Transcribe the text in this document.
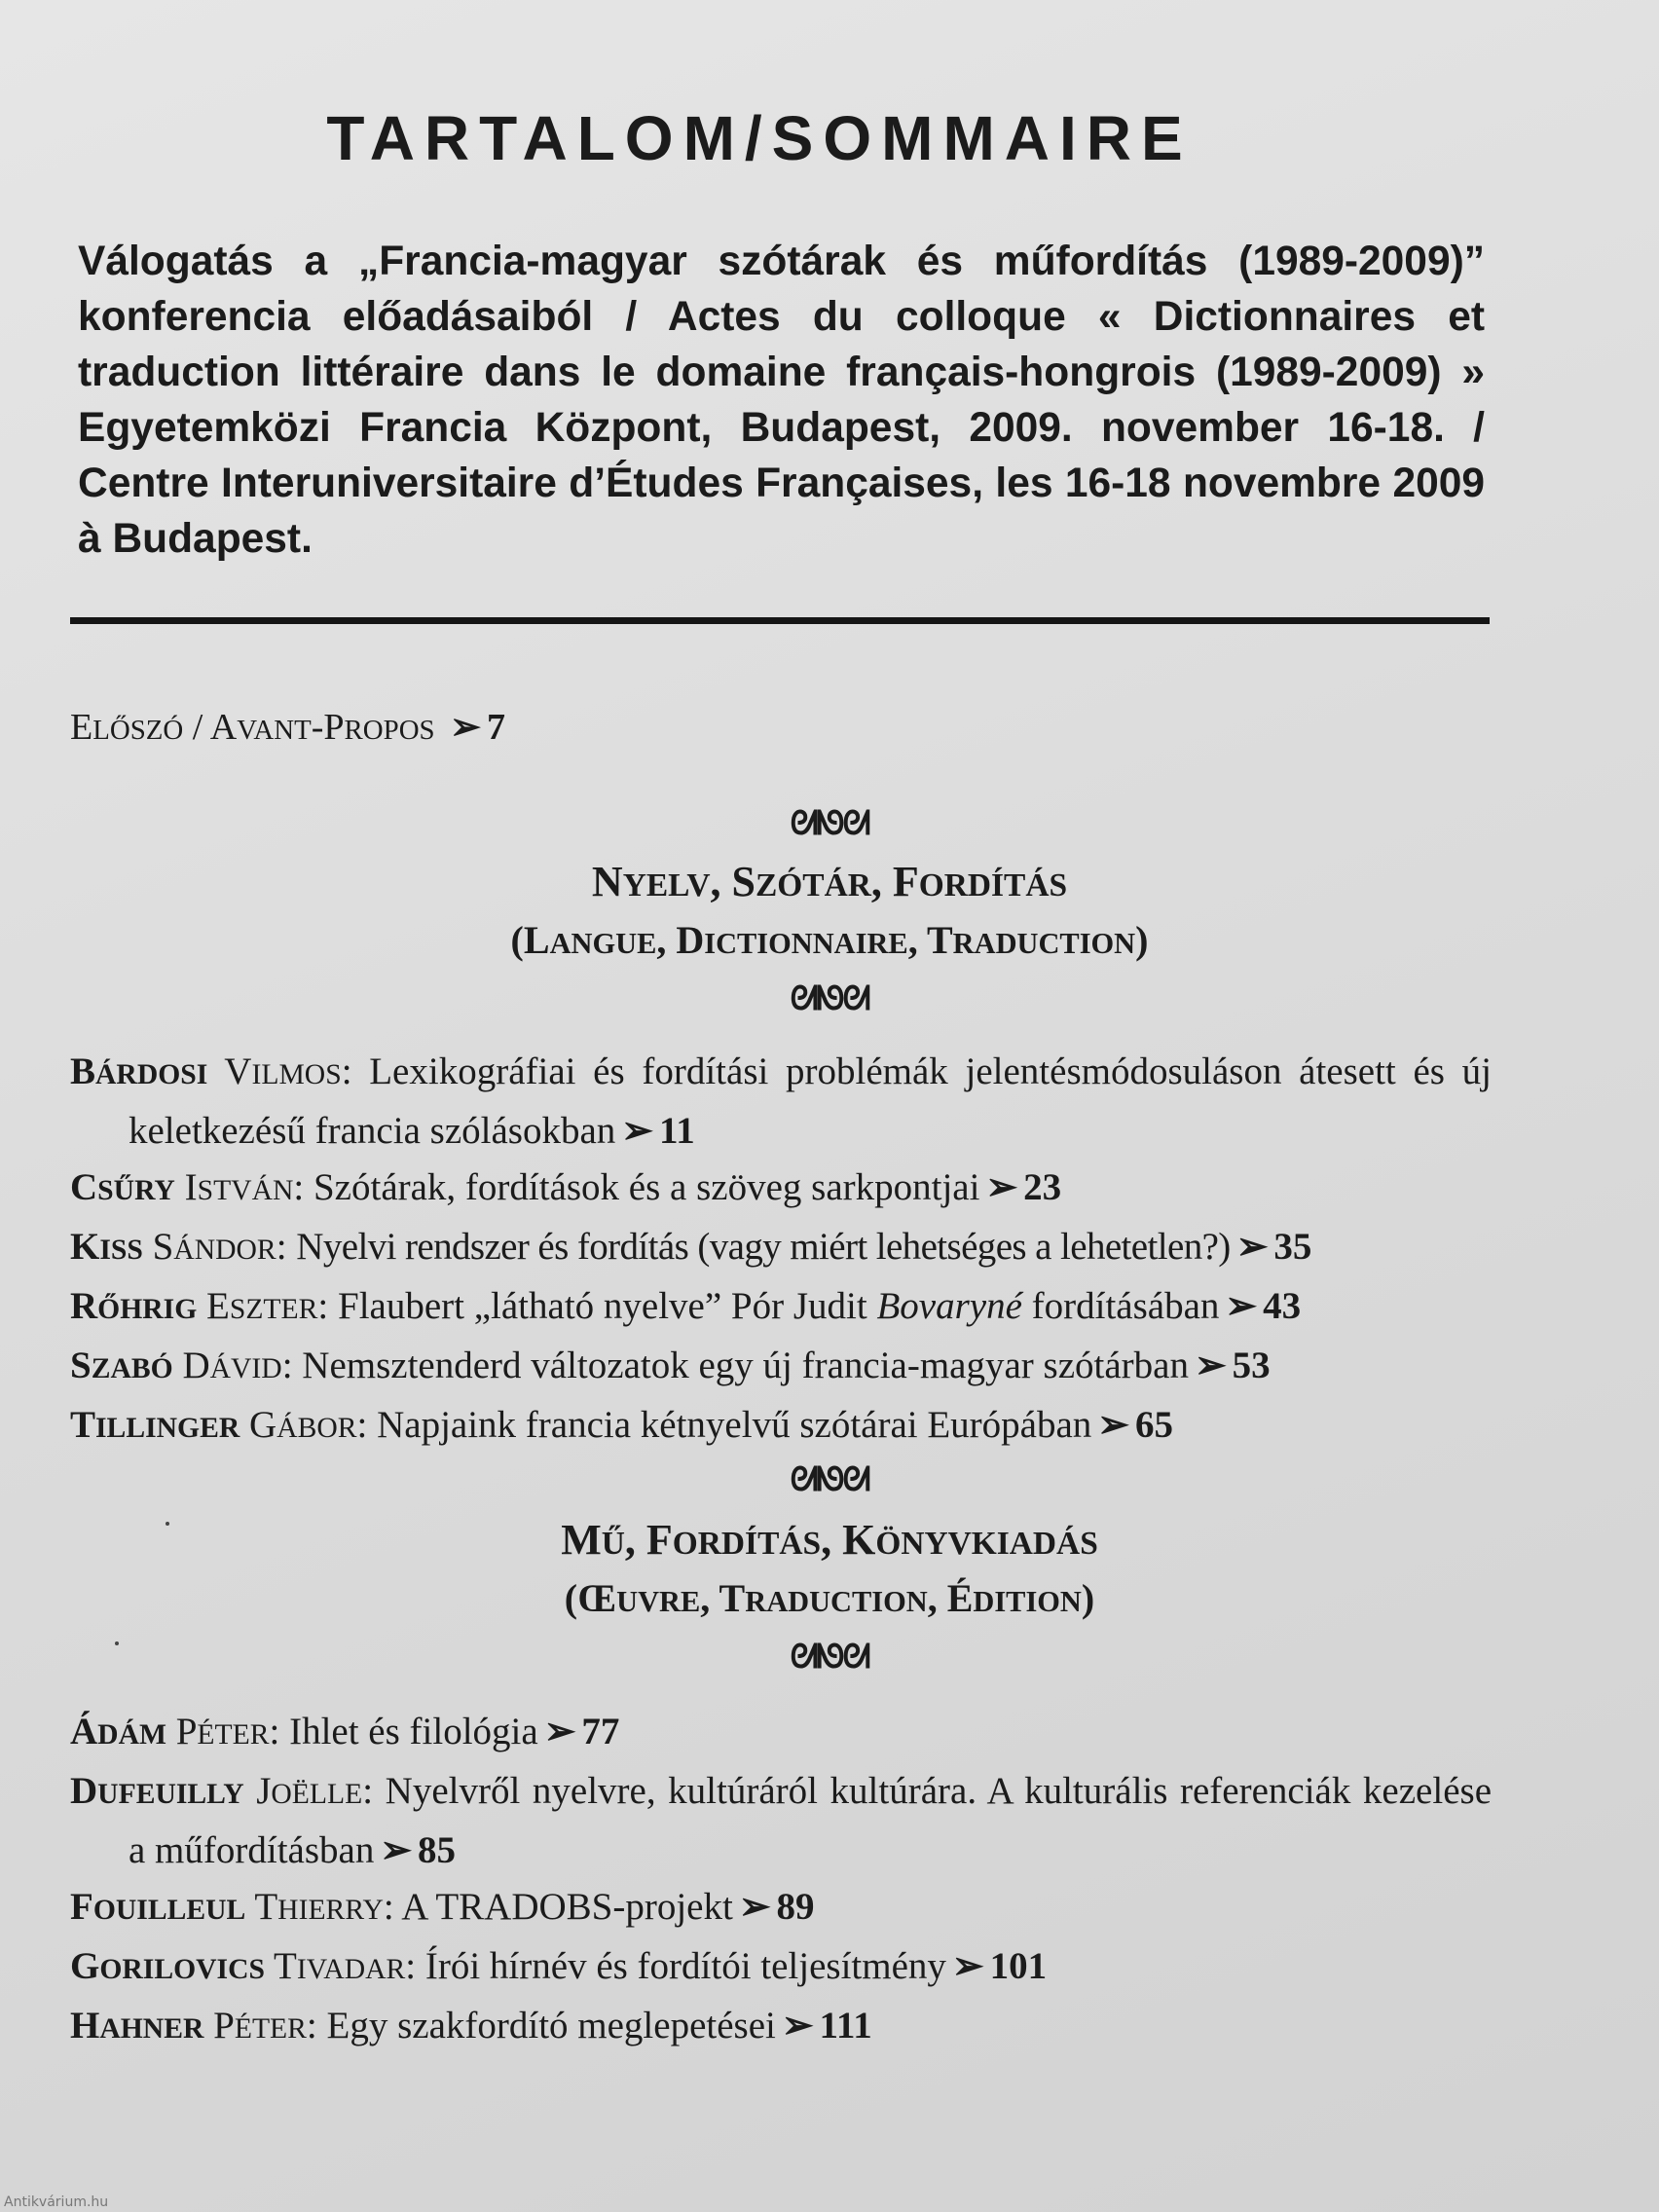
TARTALOM/SOMMAIRE

Válogatás a „Francia-magyar szótárak és műfordítás (1989-2009)” konferencia előadásaiból / Actes du colloque « Dictionnaires et traduction littéraire dans le domaine français-hongrois (1989-2009) » Egyetemközi Francia Központ, Budapest, 2009. november 16-18. / Centre Interuniversitaire d’Études Françaises, les 16-18 novembre 2009 à Budapest.

ELŐSZÓ / AVANT-PROPOS ➢ 7
ᘛᘚᘛ
NYELV, SZÓTÁR, FORDÍTÁS
(LANGUE, DICTIONNAIRE, TRADUCTION)
ᘛᘚᘛ
BÁRDOSI VILMOS: Lexikográfiai és fordítási problémák jelentésmódosuláson átesett és új keletkezésű francia szólásokban ➢ 11
CSŰRY ISTVÁN: Szótárak, fordítások és a szöveg sarkpontjai ➢ 23
KISS SÁNDOR: Nyelvi rendszer és fordítás (vagy miért lehetséges a lehetetlen?) ➢ 35
RŐHRIG ESZTER: Flaubert „látható nyelve” Pór Judit Bovaryné fordításában ➢ 43
SZABÓ DÁVID: Nemsztenderd változatok egy új francia-magyar szótárban ➢ 53
TILLINGER GÁBOR: Napjaink francia kétnyelvű szótárai Európában ➢ 65
ᘛᘚᘛ
MŰ, FORDÍTÁS, KÖNYVKIADÁS
(ŒUVRE, TRADUCTION, ÉDITION)
ᘛᘚᘛ
ÁDÁM PÉTER: Ihlet és filológia ➢ 77
DUFEUILLY JOËLLE: Nyelvről nyelvre, kultúráról kultúrára. A kulturális referenciák kezelése a műfordításban ➢ 85
FOUILLEUL THIERRY: A TRADOBS-projekt ➢ 89
GORILOVICS TIVADAR: Írói hírnév és fordítói teljesítmény ➢ 101
HAHNER PÉTER: Egy szakfordító meglepetései ➢ 111
Antikvárium.hu
